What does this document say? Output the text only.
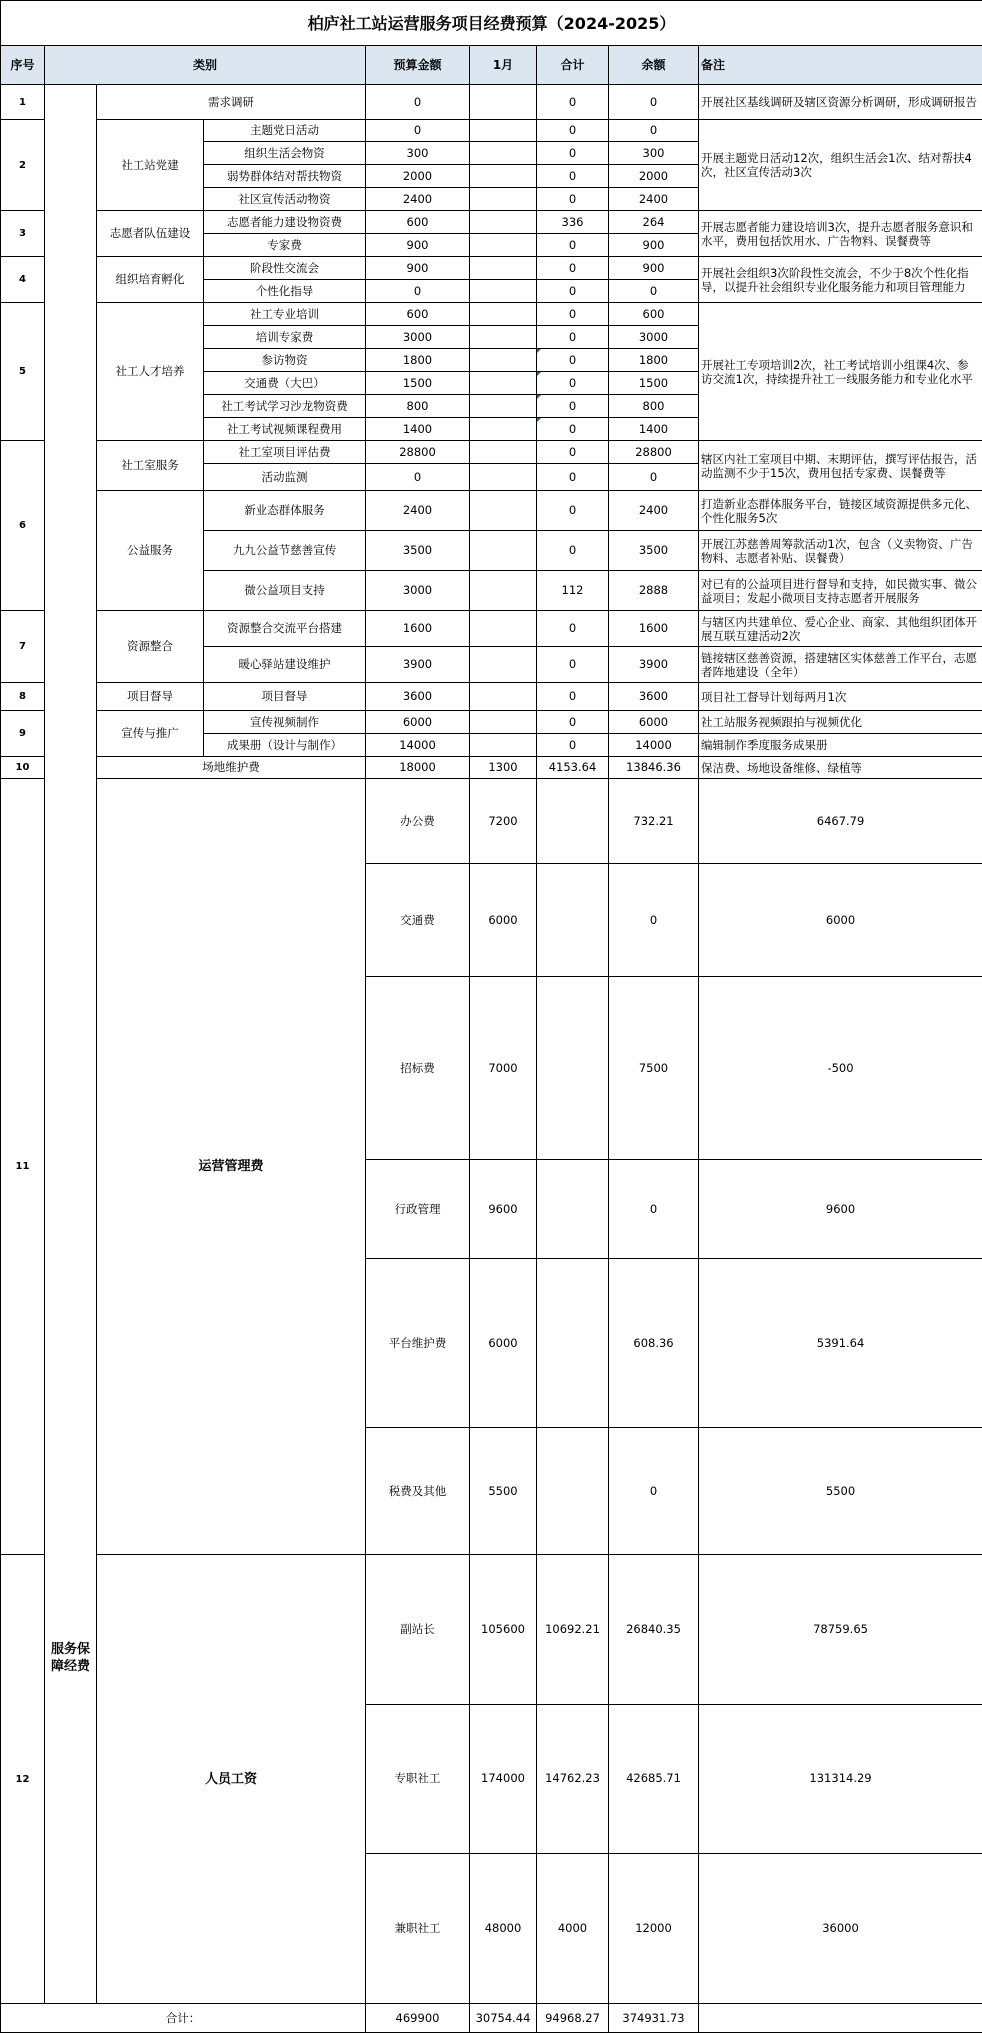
柏庐社工站运营服务项目经费预算（2024-2025）									
序号	类别			预算金额	1月	合计	余额	备注	
1	服务保障经费	需求调研		0		0	0	开展社区基线调研及辖区资源分析调研，形成调研报告	
2		社工站党建	主题党日活动	0		0	0	开展主题党日活动12次，组织生活会1次、结对帮扶4次，社区宣传活动3次	
			组织生活会物资	300		0	300		
			弱势群体结对帮扶物资	2000		0	2000		
			社区宣传活动物资	2400		0	2400		
3		志愿者队伍建设	志愿者能力建设物资费	600		336	264	开展志愿者能力建设培训3次，提升志愿者服务意识和水平，费用包括饮用水、广告物料、误餐费等	
			专家费	900		0	900		
4		组织培育孵化	阶段性交流会	900		0	900	开展社会组织3次阶段性交流会，不少于8次个性化指导，以提升社会组织专业化服务能力和项目管理能力	
			个性化指导	0		0	0		
5		社工人才培养	社工专业培训	600		0	600	开展社工专项培训2次，社工考试培训小组课4次、参访交流1次，持续提升社工一线服务能力和专业化水平	
			培训专家费	3000		0	3000		
			参访物资	1800		0	1800		
			交通费（大巴）	1500		0	1500		
			社工考试学习沙龙物资费	800		0	800		
			社工考试视频课程费用	1400		0	1400		
6		社工室服务	社工室项目评估费	28800		0	28800	辖区内社工室项目中期、末期评估，撰写评估报告，活动监测不少于15次，费用包括专家费、误餐费等	
			活动监测	0		0	0		
		公益服务	新业态群体服务	2400		0	2400	打造新业态群体服务平台，链接区域资源提供多元化、个性化服务5次	
			九九公益节慈善宣传	3500		0	3500	开展江苏慈善周筹款活动1次，包含（义卖物资、广告物料、志愿者补贴、误餐费）	
			微公益项目支持	3000		112	2888	对已有的公益项目进行督导和支持，如民微实事、微公益项目；发起小微项目支持志愿者开展服务	
7		资源整合	资源整合交流平台搭建	1600		0	1600	与辖区内共建单位、爱心企业、商家、其他组织团体开展互联互建活动2次	
			暖心驿站建设维护	3900		0	3900	链接辖区慈善资源，搭建辖区实体慈善工作平台，志愿者阵地建设（全年）	
8		项目督导	项目督导	3600		0	3600	项目社工督导计划每两月1次	
9		宣传与推广	宣传视频制作	6000		0	6000	社工站服务视频跟拍与视频优化	
			成果册（设计与制作）	14000		0	14000	编辑制作季度服务成果册	
10		场地维护费		18000	1300	4153.64	13846.36	保洁费、场地设备维修、绿植等	
11		运营管理费		办公费	7200		732.21	6467.79	
				交通费	6000		0	6000	
				招标费	7000		7500	-500	
				行政管理	9600		0	9600	
				平台维护费	6000		608.36	5391.64	
				税费及其他	5500		0	5500	
12		人员工资		副站长	105600	10692.21	26840.35	78759.65	
				专职社工	174000	14762.23	42685.71	131314.29	
				兼职社工	48000	4000	12000	36000	
合计：				469900	30754.44	94968.27	374931.73		
